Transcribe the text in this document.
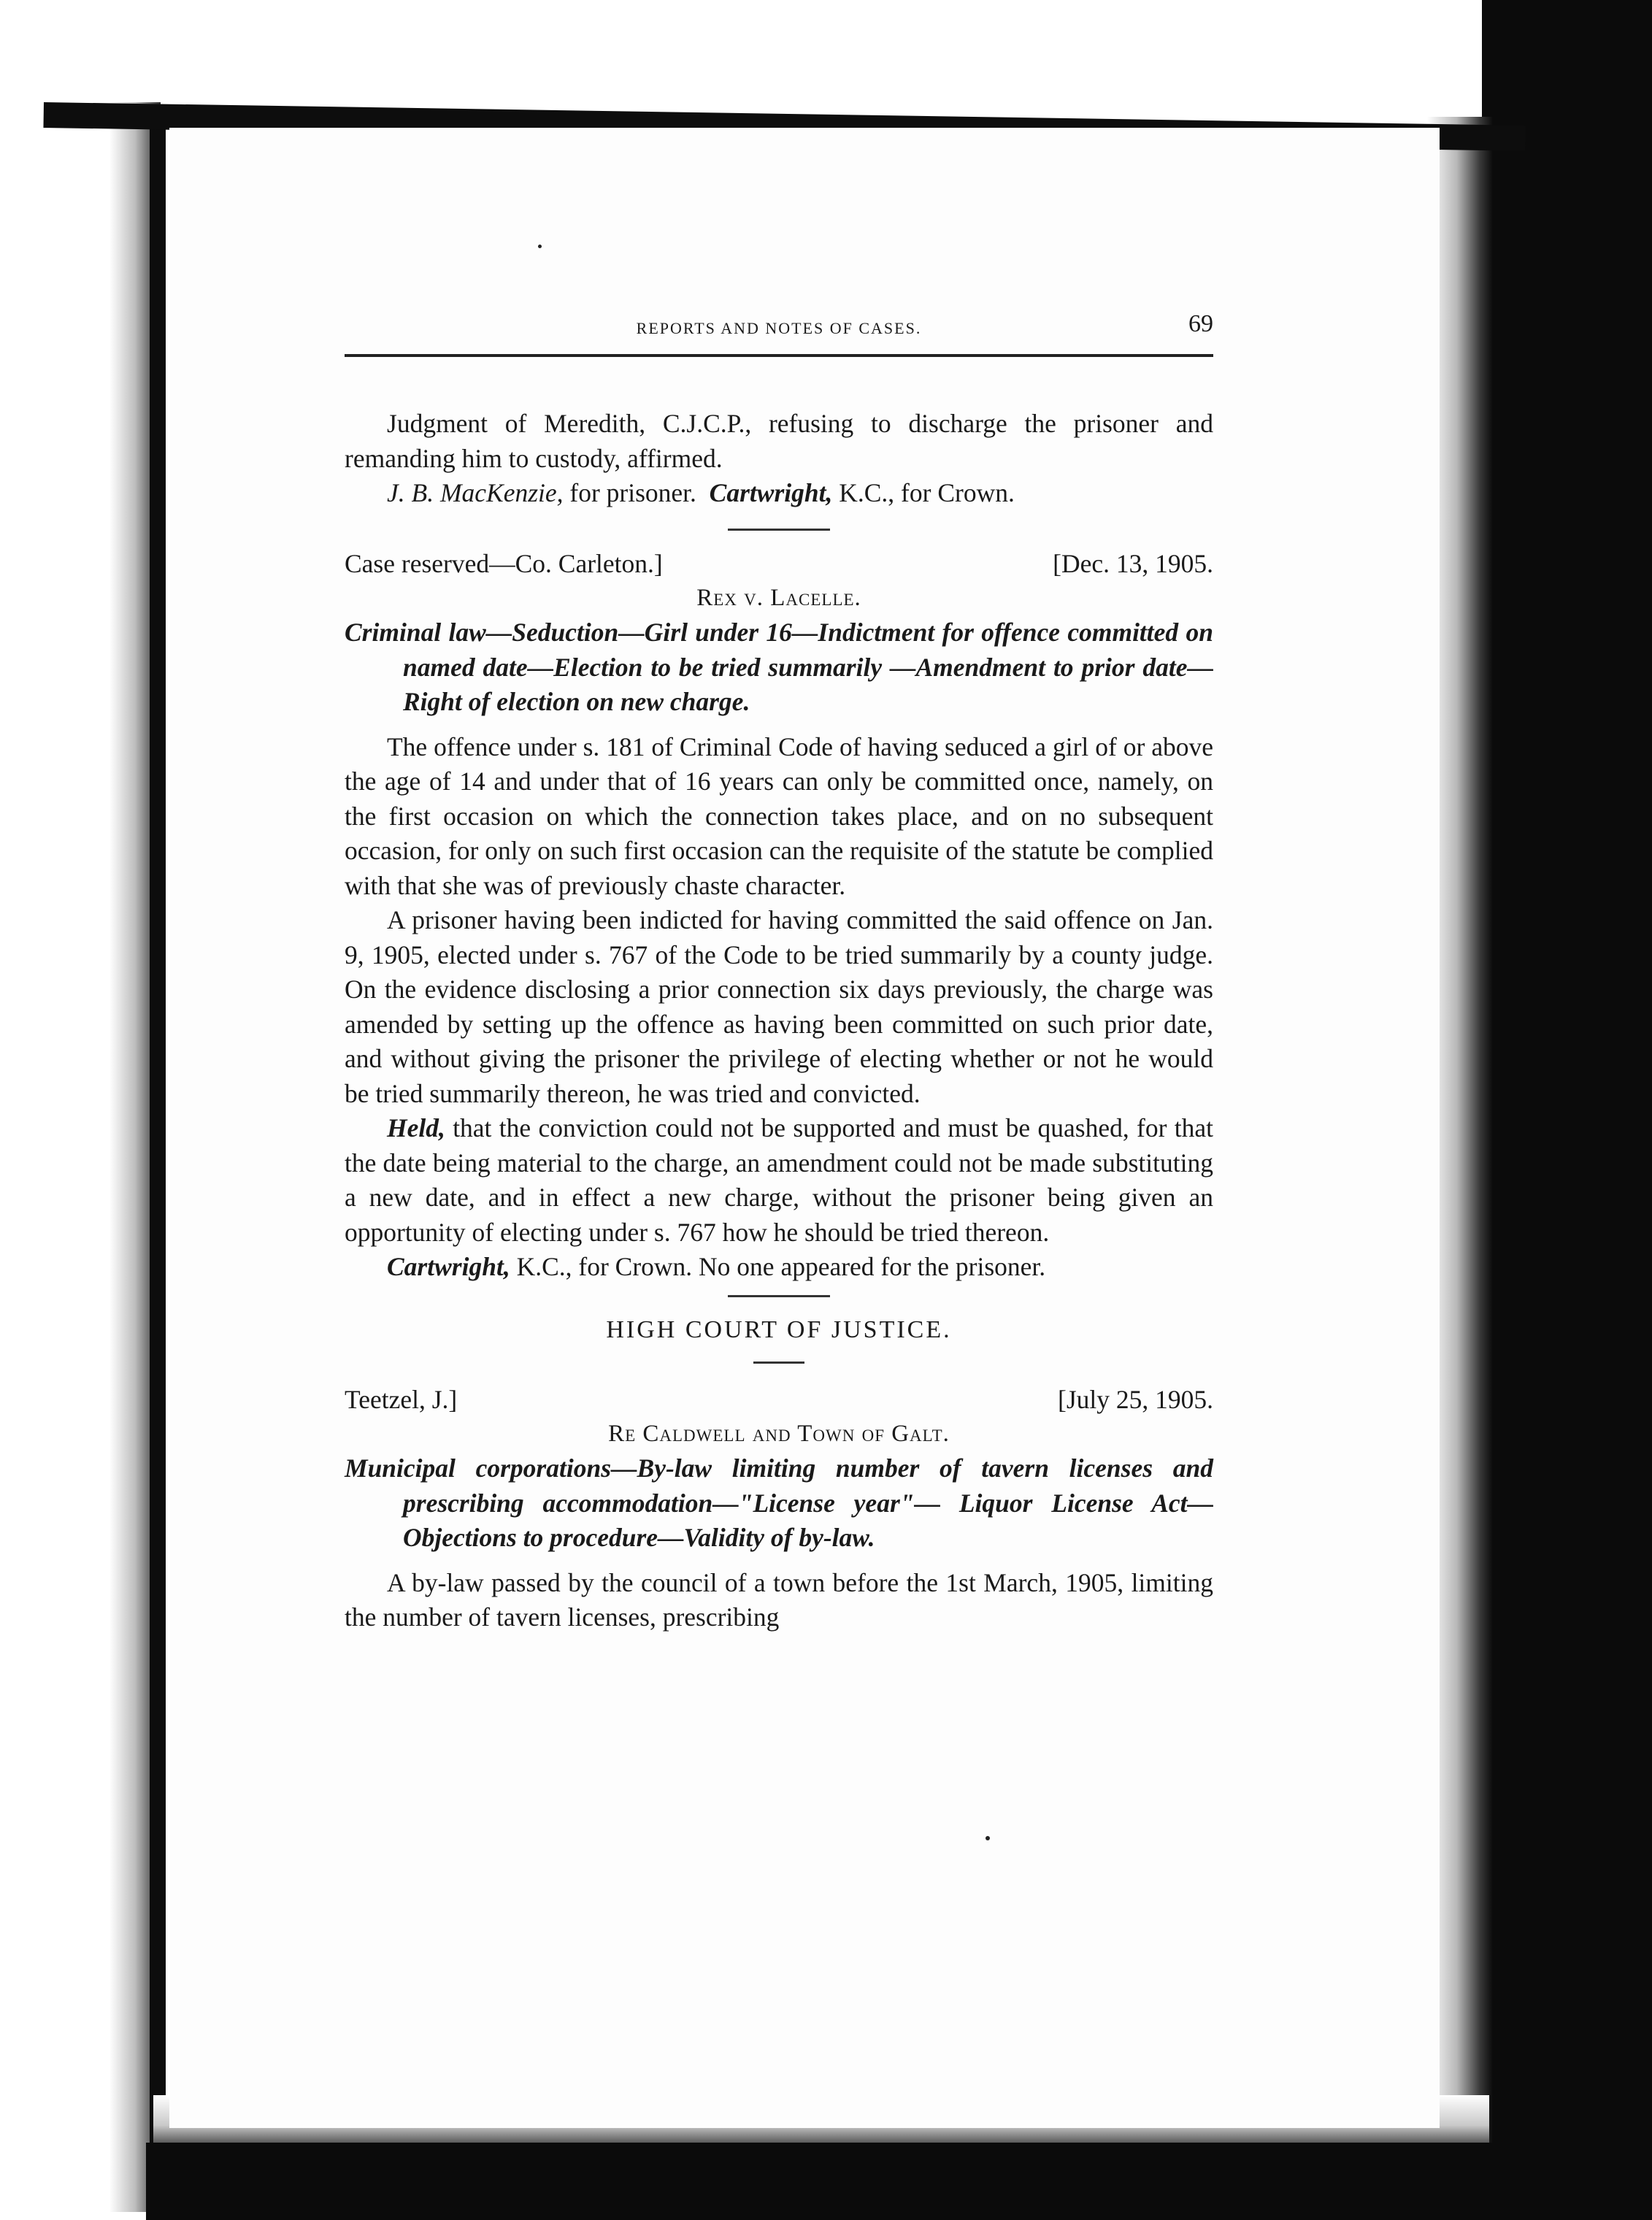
REPORTS AND NOTES OF CASES.	69

Judgment of Meredith, C.J.C.P., refusing to discharge the prisoner and remanding him to custody, affirmed.

J. B. MacKenzie, for prisoner. Cartwright, K.C., for Crown.

Case reserved—Co. Carleton.]	[Dec. 13, 1905.
Rex v. Lacelle.

Criminal law—Seduction—Girl under 16—Indictment for offence committed on named date—Election to be tried summarily —Amendment to prior date—Right of election on new charge.

The offence under s. 181 of Criminal Code of having seduced a girl of or above the age of 14 and under that of 16 years can only be committed once, namely, on the first occasion on which the connection takes place, and on no subsequent occasion, for only on such first occasion can the requisite of the statute be complied with that she was of previously chaste character.

A prisoner having been indicted for having committed the said offence on Jan. 9, 1905, elected under s. 767 of the Code to be tried summarily by a county judge. On the evidence disclosing a prior connection six days previously, the charge was amended by setting up the offence as having been committed on such prior date, and without giving the prisoner the privilege of electing whether or not he would be tried summarily thereon, he was tried and convicted.

Held, that the conviction could not be supported and must be quashed, for that the date being material to the charge, an amendment could not be made substituting a new date, and in effect a new charge, without the prisoner being given an opportunity of electing under s. 767 how he should be tried thereon.

Cartwright, K.C., for Crown. No one appeared for the prisoner.

HIGH COURT OF JUSTICE.
Teetzel, J.]	[July 25, 1905.
Re Caldwell and Town of Galt.

Municipal corporations—By-law limiting number of tavern licenses and prescribing accommodation—"License year"— Liquor License Act—Objections to procedure—Validity of by-law.

A by-law passed by the council of a town before the 1st March, 1905, limiting the number of tavern licenses, prescribing
